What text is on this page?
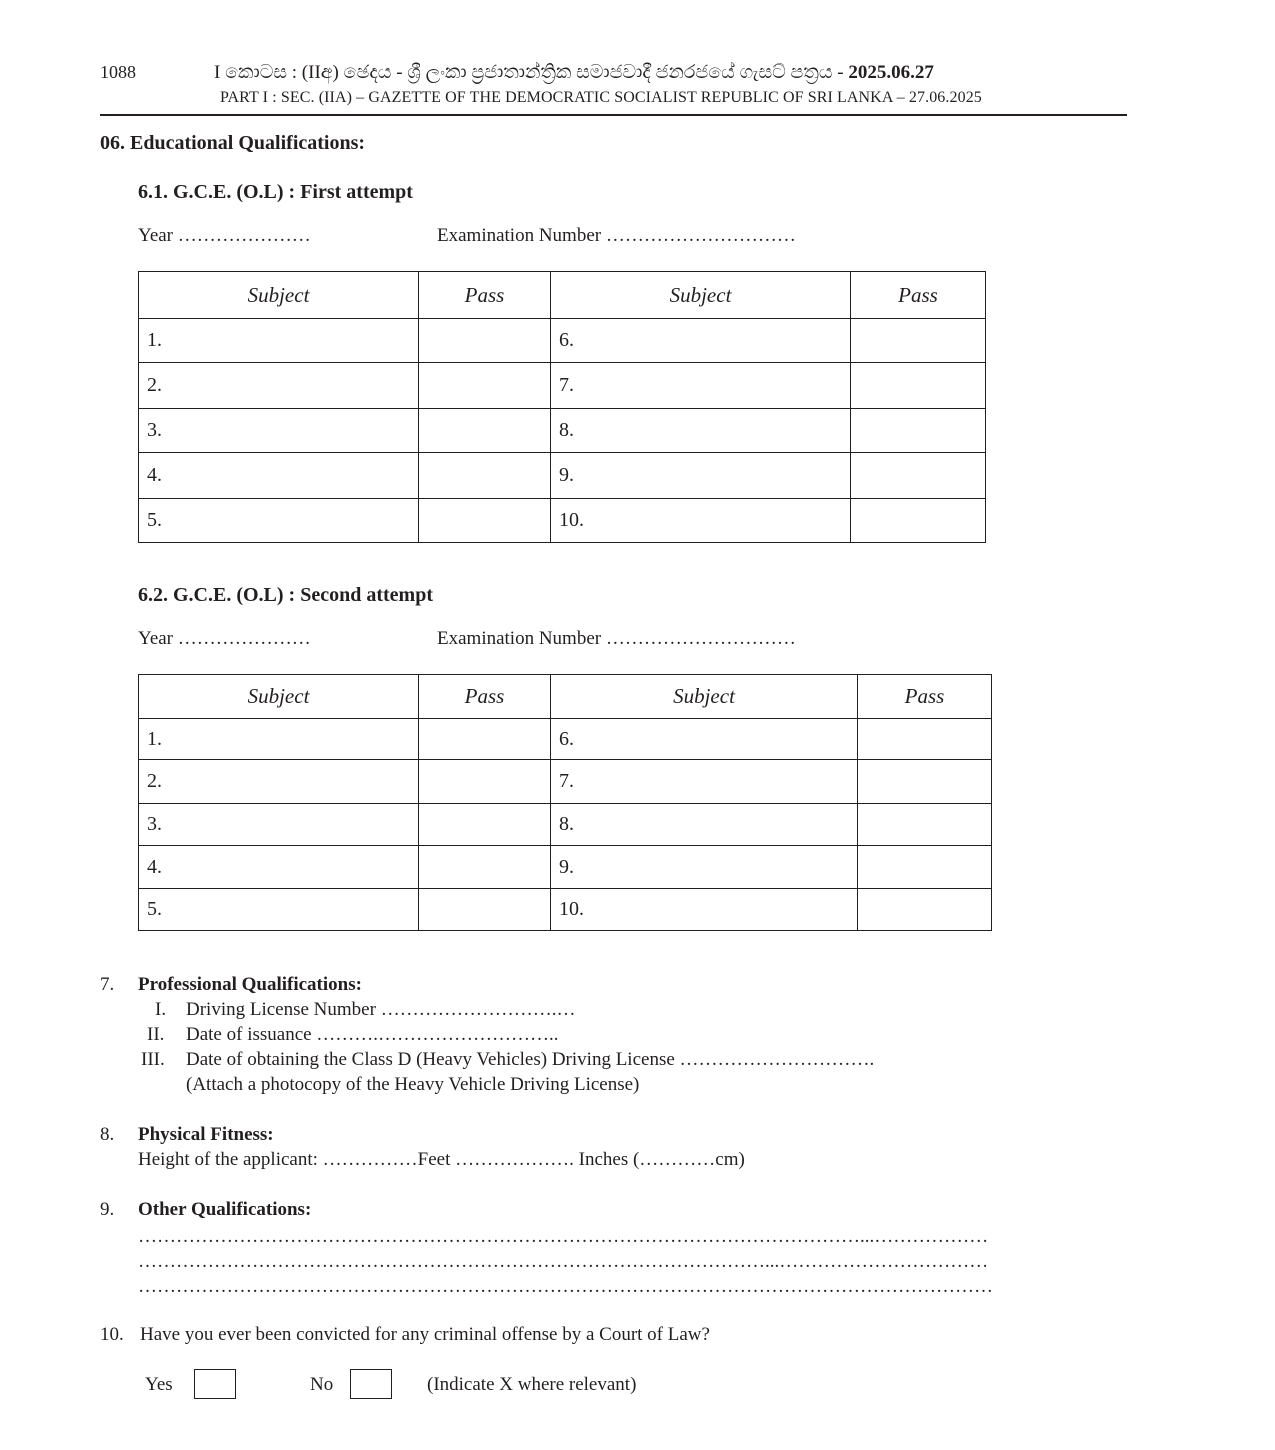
1088	I කොටස : (IIඅ) ඡෙදය - ශ්‍රී ලංකා ප්‍රජාතාන්ත්‍රික සමාජවාදී ජනරජයේ ගැසට් පත්‍රය - 2025.06.27
PART I : SEC. (IIA) – GAZETTE OF THE DEMOCRATIC SOCIALIST REPUBLIC OF SRI LANKA – 27.06.2025
06. Educational Qualifications:
6.1. G.C.E. (O.L) : First attempt
Year …………………	Examination Number …………………………
Subject	Pass	Subject	Pass
1.		6.	
2.		7.	
3.		8.	
4.		9.	
5.		10.	
6.2. G.C.E. (O.L) : Second attempt
Year …………………	Examination Number …………………………
Subject	Pass	Subject	Pass
1.		6.	
2.		7.	
3.		8.	
4.		9.	
5.		10.	
7. Professional Qualifications:
I. Driving License Number ……………………….…
II. Date of issuance ……….………………………..
III. Date of obtaining the Class D (Heavy Vehicles) Driving License ………………………….
(Attach a photocopy of the Heavy Vehicle Driving License)
8. Physical Fitness:
Height of the applicant: ……………Feet ………………. Inches (…………cm)
9. Other Qualifications:
……………………………………………………………………………………………………...………………
………………………………………………………………………………………...……………………………
………………………………………………………………………………………………………………………
10. Have you ever been convicted for any criminal offense by a Court of Law?
Yes	No	(Indicate X where relevant)
